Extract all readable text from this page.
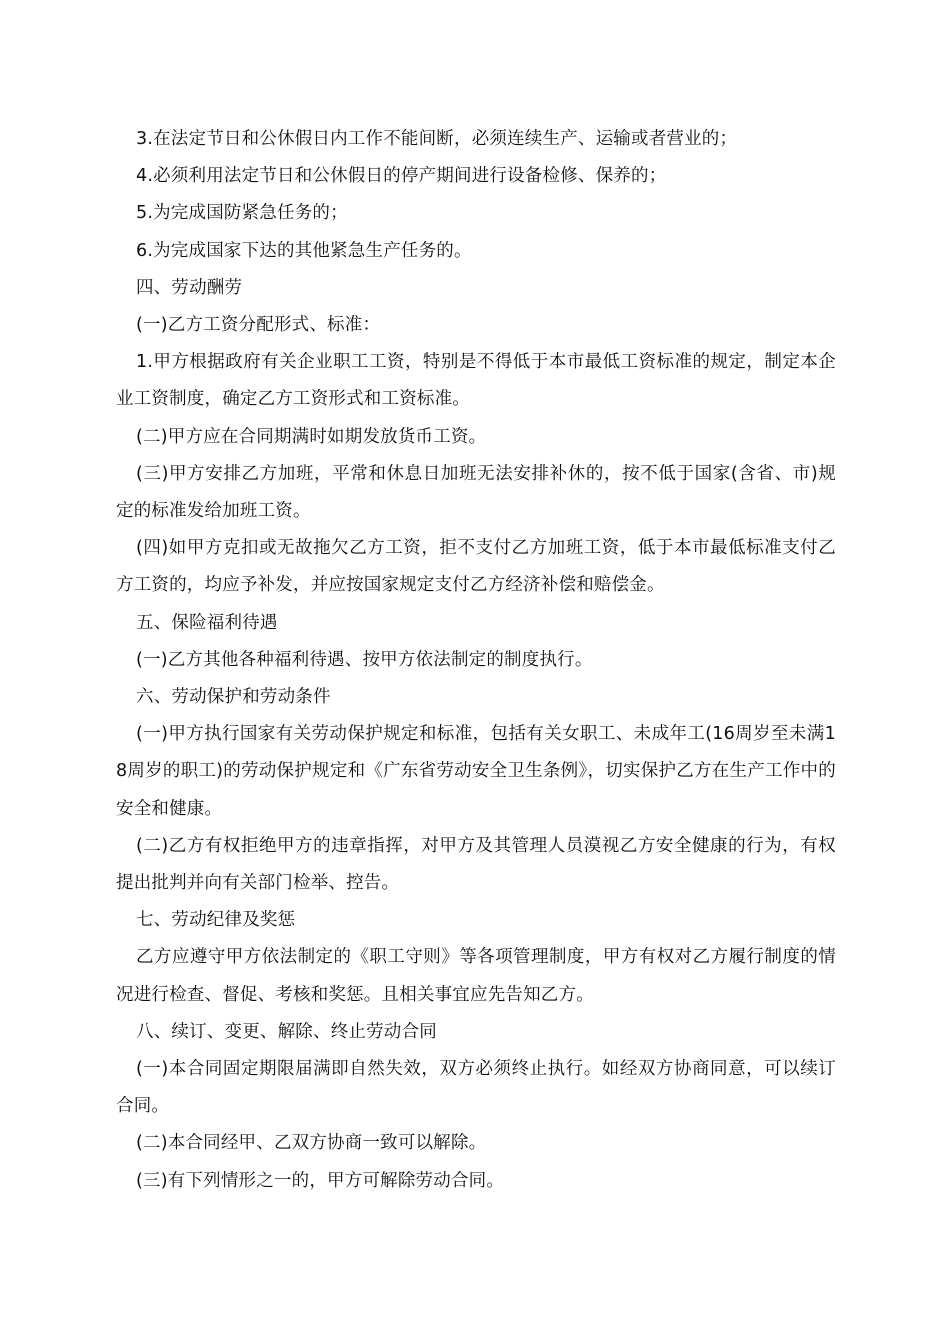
3.在法定节日和公休假日内工作不能间断，必须连续生产、运输或者营业的；

4.必须利用法定节日和公休假日的停产期间进行设备检修、保养的；

5.为完成国防紧急任务的；

6.为完成国家下达的其他紧急生产任务的。

四、劳动酬劳

(一)乙方工资分配形式、标准：

1.甲方根据政府有关企业职工工资，特别是不得低于本市最低工资标准的规定，制定本企业工资制度，确定乙方工资形式和工资标准。

(二)甲方应在合同期满时如期发放货币工资。

(三)甲方安排乙方加班，平常和休息日加班无法安排补休的，按不低于国家(含省、市)规定的标准发给加班工资。

(四)如甲方克扣或无故拖欠乙方工资，拒不支付乙方加班工资，低于本市最低标准支付乙方工资的，均应予补发，并应按国家规定支付乙方经济补偿和赔偿金。

五、保险福利待遇

(一)乙方其他各种福利待遇、按甲方依法制定的制度执行。

六、劳动保护和劳动条件

(一)甲方执行国家有关劳动保护规定和标准，包括有关女职工、未成年工(16周岁至未满18周岁的职工)的劳动保护规定和《广东省劳动安全卫生条例》，切实保护乙方在生产工作中的安全和健康。

(二)乙方有权拒绝甲方的违章指挥，对甲方及其管理人员漠视乙方安全健康的行为，有权提出批判并向有关部门检举、控告。

七、劳动纪律及奖惩

乙方应遵守甲方依法制定的《职工守则》等各项管理制度，甲方有权对乙方履行制度的情况进行检查、督促、考核和奖惩。且相关事宜应先告知乙方。

八、续订、变更、解除、终止劳动合同

(一)本合同固定期限届满即自然失效，双方必须终止执行。如经双方协商同意，可以续订合同。

(二)本合同经甲、乙双方协商一致可以解除。

(三)有下列情形之一的，甲方可解除劳动合同。
